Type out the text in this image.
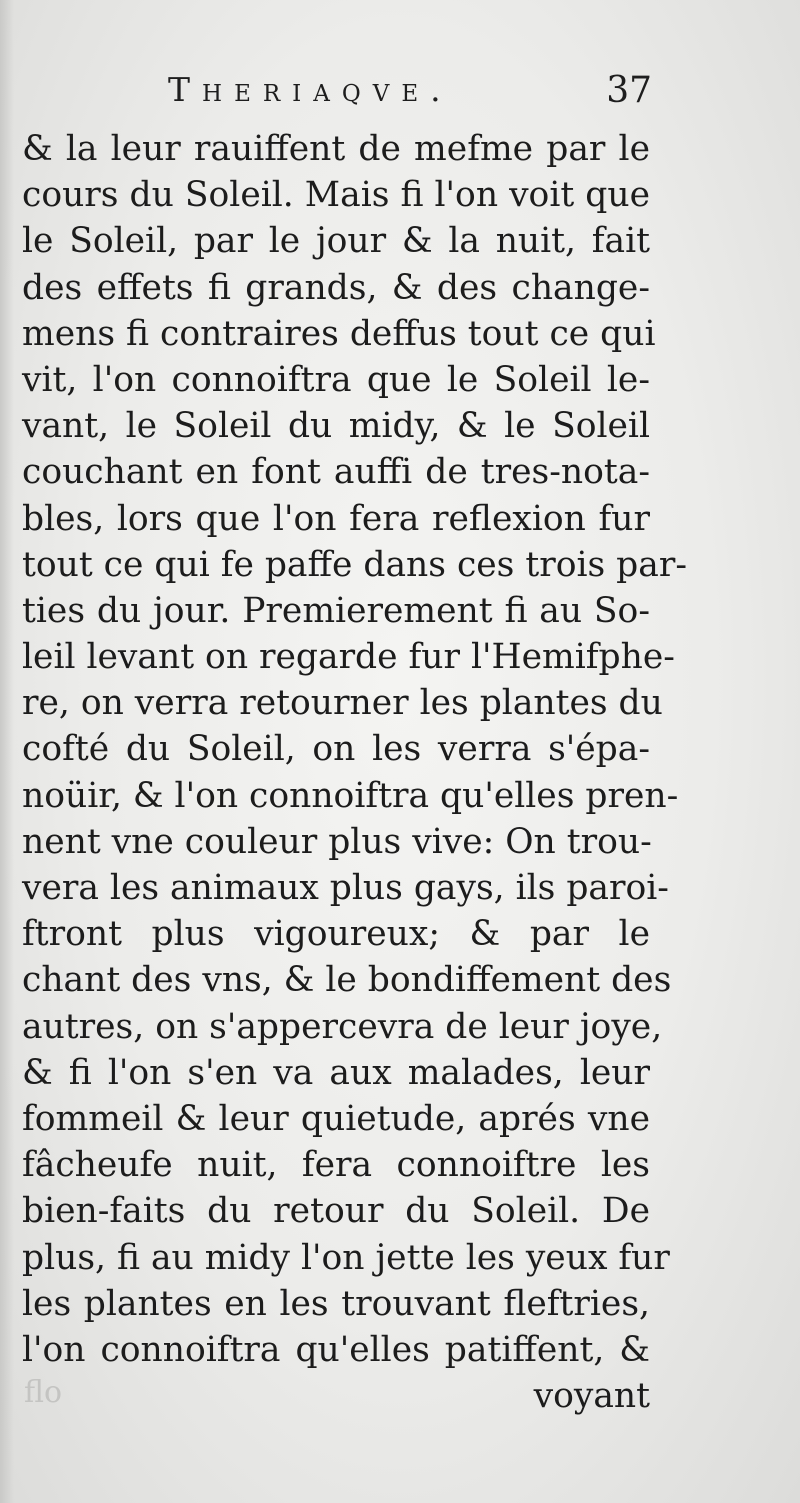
Theriaqve.	37
& la leur rauiffent de mefme par le
cours du Soleil. Mais fi l'on voit que
le Soleil, par le jour & la nuit, fait
des effets fi grands, & des change-
mens fi contraires deffus tout ce qui
vit, l'on connoiftra que le Soleil le-
vant, le Soleil du midy, & le Soleil
couchant en font auffi de tres-nota-
bles, lors que l'on fera reflexion fur
tout ce qui fe paffe dans ces trois par-
ties du jour. Premierement fi au So-
leil levant on regarde fur l'Hemifphe-
re, on verra retourner les plantes du
cofté du Soleil, on les verra s'épa-
noüir, & l'on connoiftra qu'elles pren-
nent vne couleur plus vive: On trou-
vera les animaux plus gays, ils paroi-
ftront plus vigoureux; & par le
chant des vns, & le bondiffement des
autres, on s'appercevra de leur joye,
& fi l'on s'en va aux malades, leur
fommeil & leur quietude, aprés vne
fâcheufe nuit, fera connoiftre les
bien-faits du retour du Soleil. De
plus, fi au midy l'on jette les yeux fur
les plantes en les trouvant fleftries,
l'on connoiftra qu'elles patiffent, &
voyant
flo
